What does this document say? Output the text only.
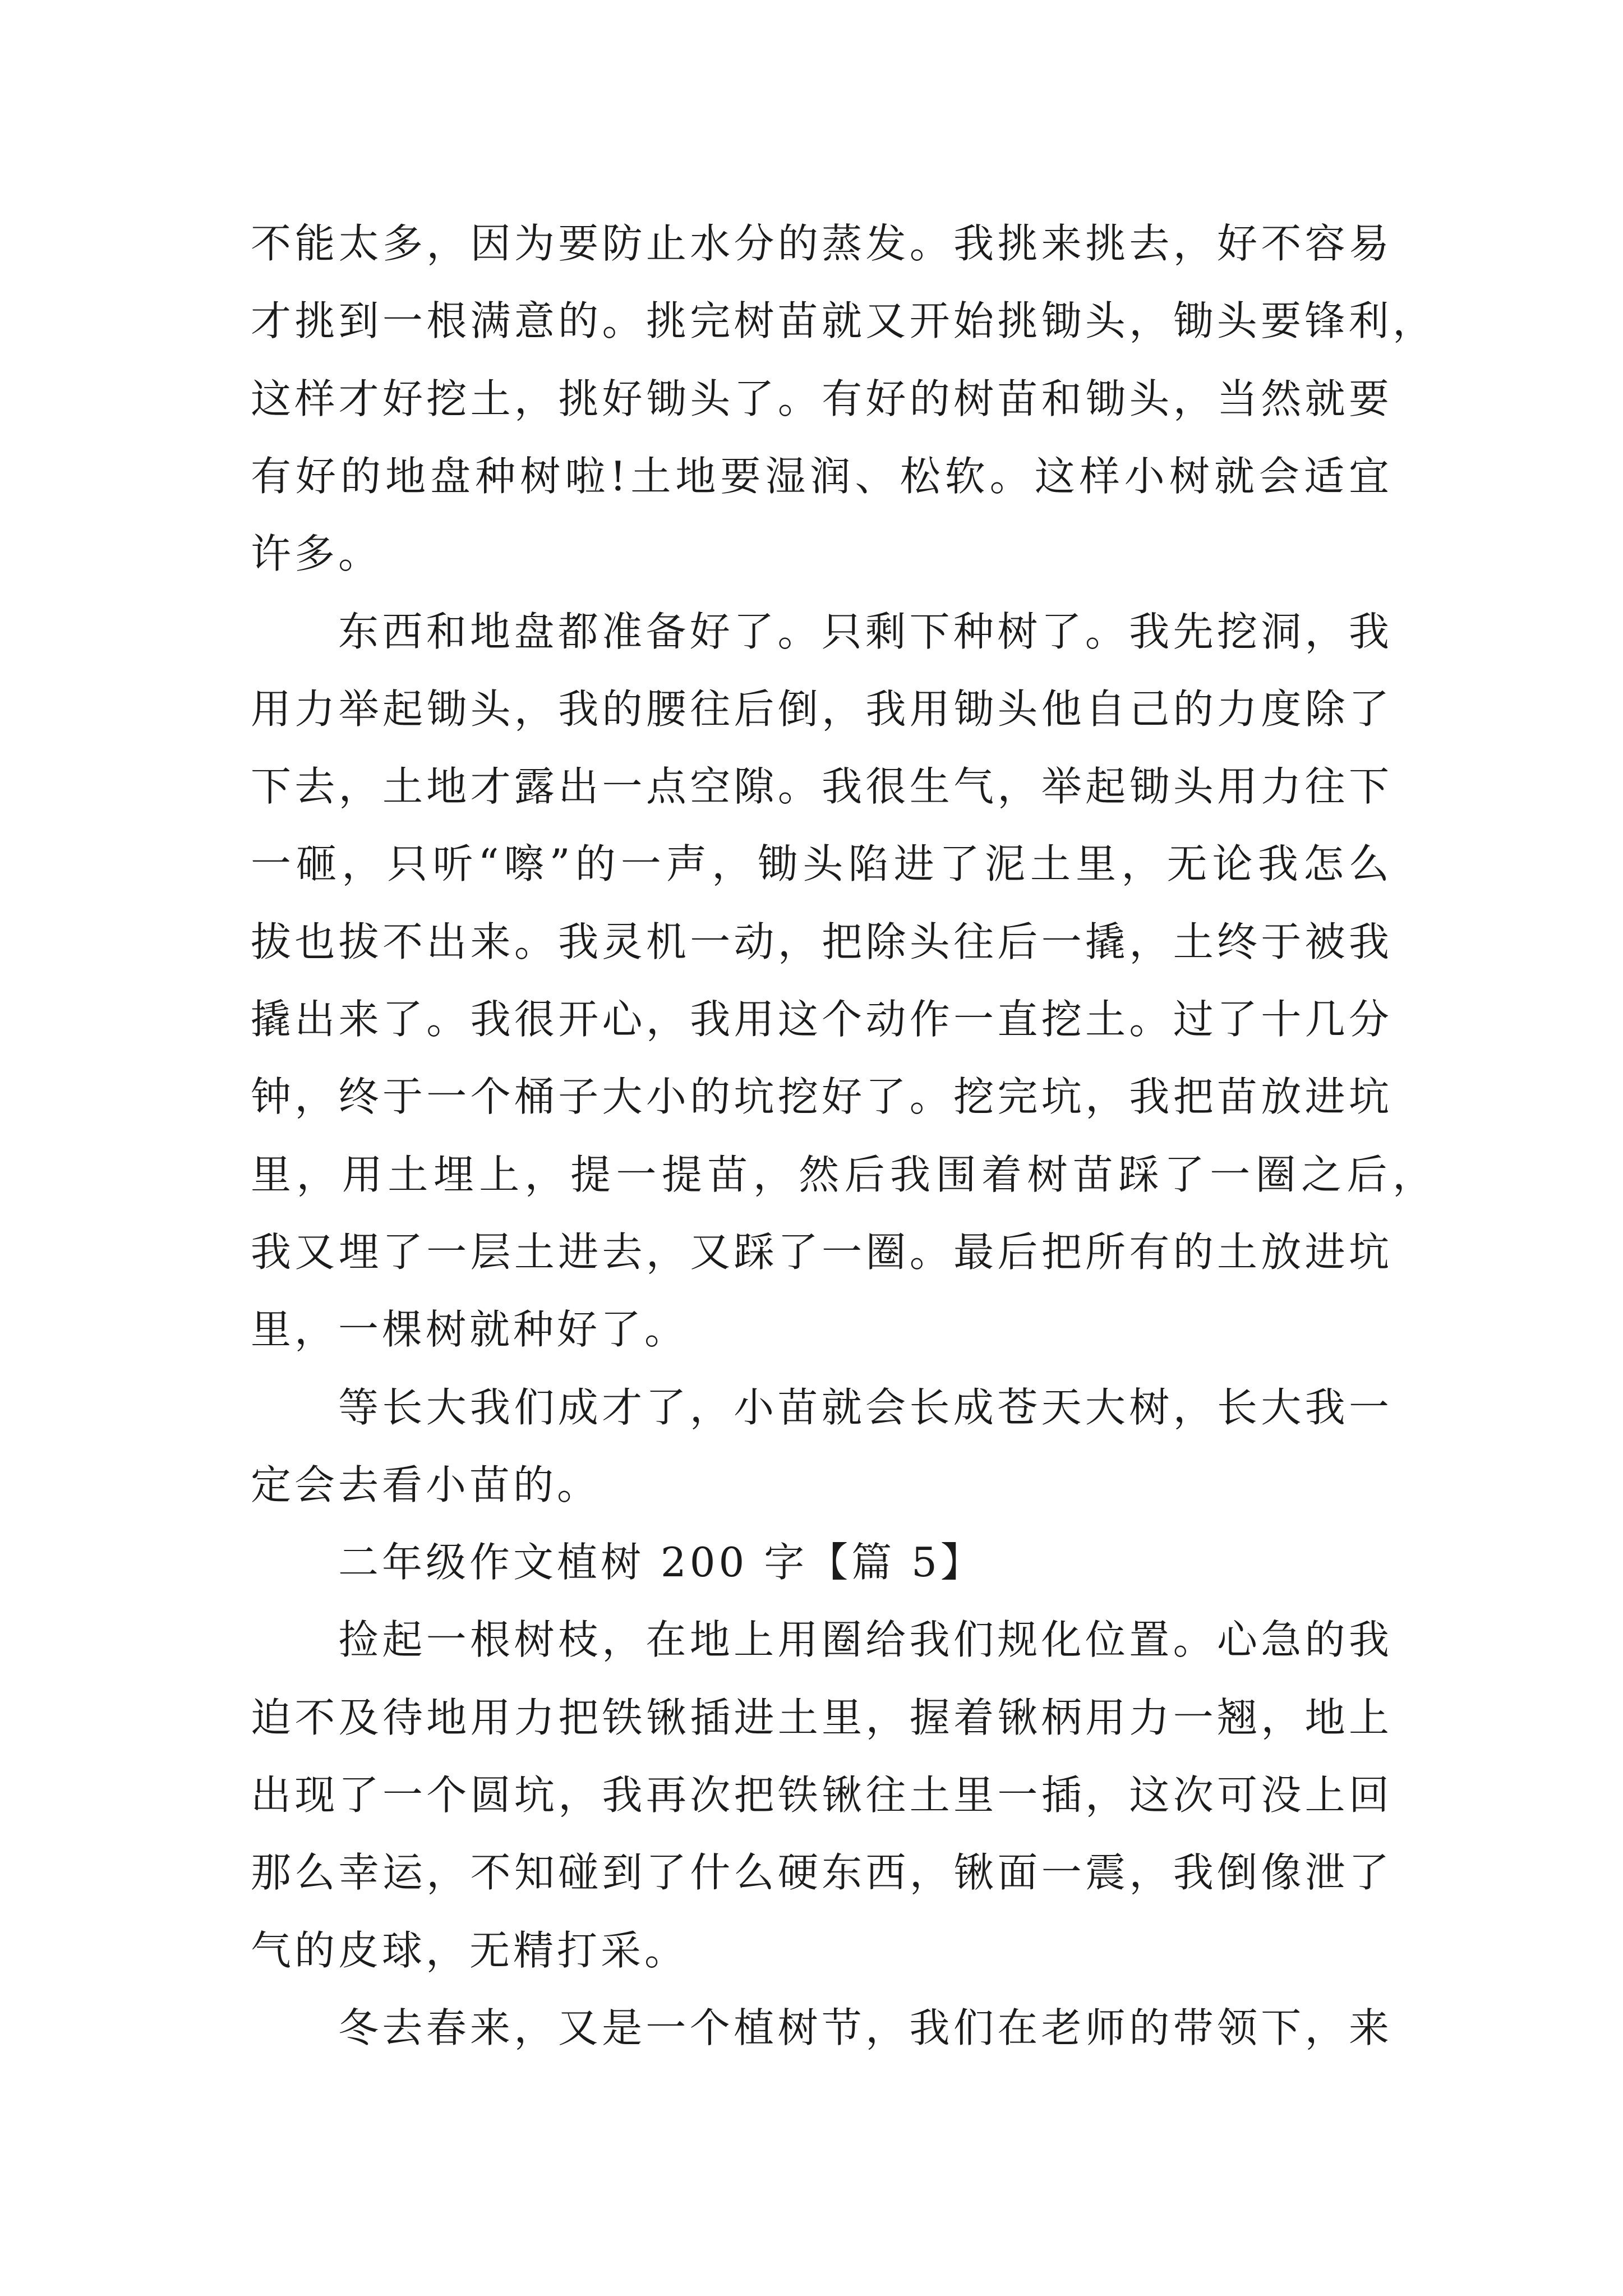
不能太多，因为要防止水分的蒸发。我挑来挑去，好不容易
才挑到一根满意的。挑完树苗就又开始挑锄头，锄头要锋利，
这样才好挖土，挑好锄头了。有好的树苗和锄头，当然就要
有好的地盘种树啦!土地要湿润、松软。这样小树就会适宜
许多。
东西和地盘都准备好了。只剩下种树了。我先挖洞，我
用力举起锄头，我的腰往后倒，我用锄头他自己的力度除了
下去，土地才露出一点空隙。我很生气，举起锄头用力往下
一砸，只听“嚓”的一声，锄头陷进了泥土里，无论我怎么
拔也拔不出来。我灵机一动，把除头往后一撬，土终于被我
撬出来了。我很开心，我用这个动作一直挖土。过了十几分
钟，终于一个桶子大小的坑挖好了。挖完坑，我把苗放进坑
里，用土埋上，提一提苗，然后我围着树苗踩了一圈之后，
我又埋了一层土进去，又踩了一圈。最后把所有的土放进坑
里，一棵树就种好了。
等长大我们成才了，小苗就会长成苍天大树，长大我一
定会去看小苗的。
二年级作文植树 200 字【篇 5】
捡起一根树枝，在地上用圈给我们规化位置。心急的我
迫不及待地用力把铁锹插进土里，握着锹柄用力一翘，地上
出现了一个圆坑，我再次把铁锹往土里一插，这次可没上回
那么幸运，不知碰到了什么硬东西，锹面一震，我倒像泄了
气的皮球，无精打采。
冬去春来，又是一个植树节，我们在老师的带领下，来
